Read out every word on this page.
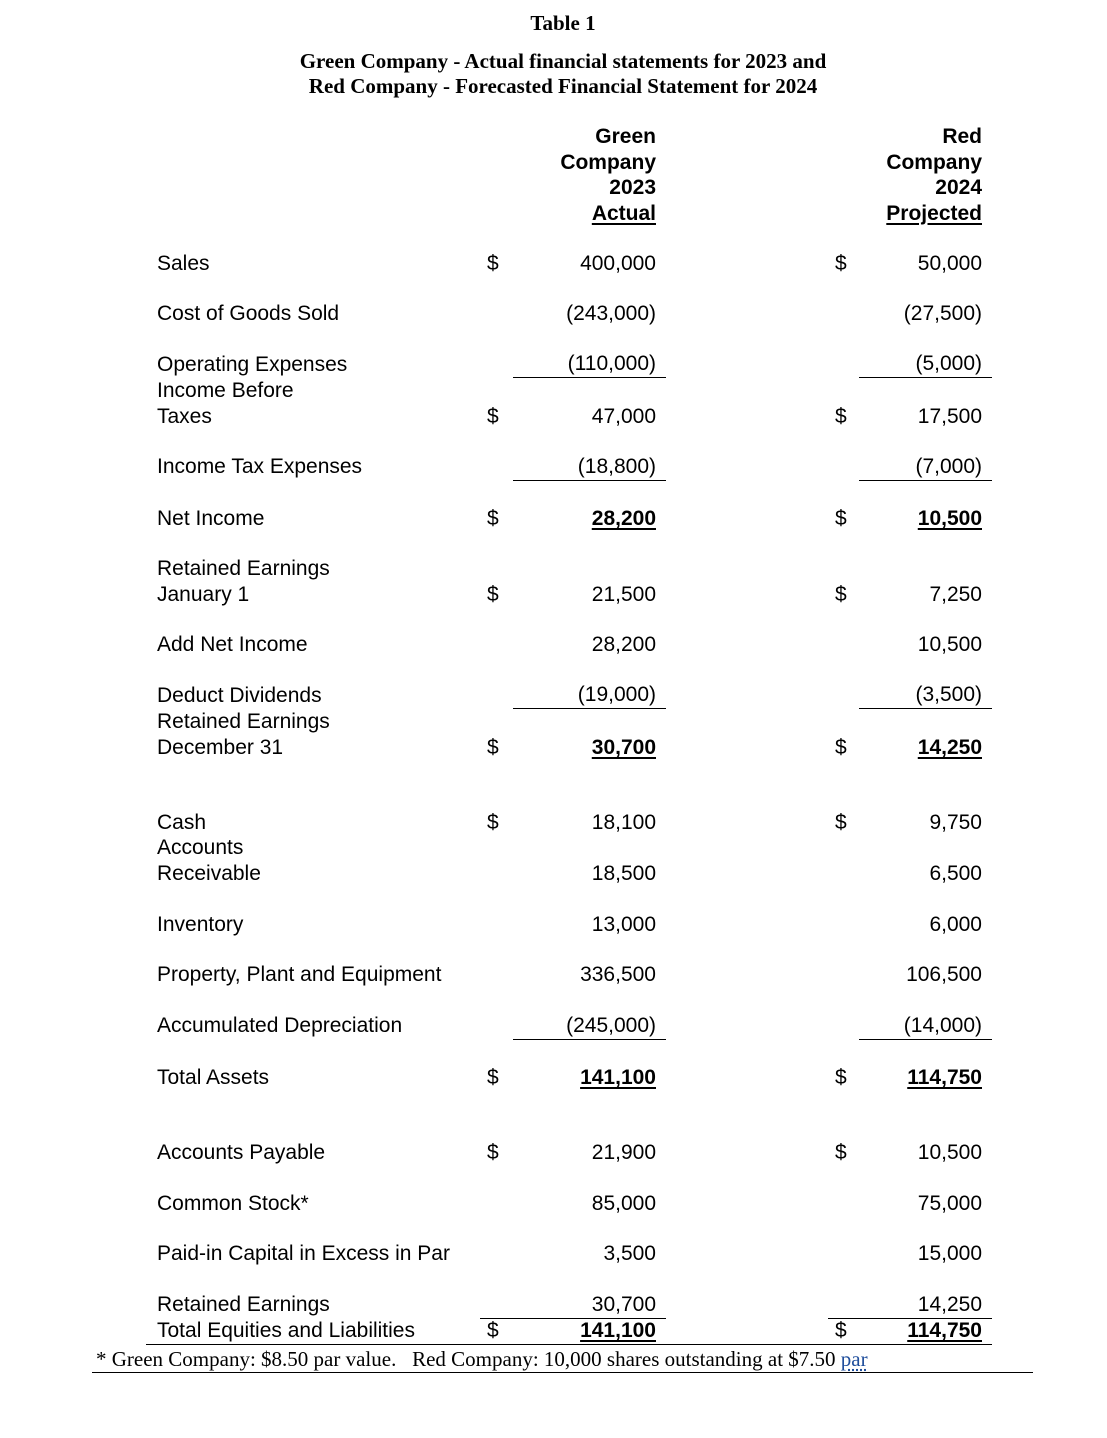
Table 1
Green Company - Actual financial statements for 2023 and
Red Company - Forecasted Financial Statement for 2024
Green
Company
2023
Actual
Red
Company
2024
Projected
Sales	$	400,000	$	50,000
Cost of Goods Sold	(243,000)	(27,500)
Operating Expenses	(110,000)	(5,000)
Income Before
Taxes	$	47,000	$	17,500
Income Tax Expenses	(18,800)	(7,000)
Net Income	$	28,200	$	10,500
Retained Earnings
January 1	$	21,500	$	7,250
Add Net Income	28,200	10,500
Deduct Dividends	(19,000)	(3,500)
Retained Earnings
December 31	$	30,700	$	14,250
Cash	$	18,100	$	9,750
Accounts
Receivable	18,500	6,500
Inventory	13,000	6,000
Property, Plant and Equipment	336,500	106,500
Accumulated Depreciation	(245,000)	(14,000)
Total Assets	$	141,100	$	114,750
Accounts Payable	$	21,900	$	10,500
Common Stock*	85,000	75,000
Paid-in Capital in Excess in Par	3,500	15,000
Retained Earnings	30,700	14,250
Total Equities and Liabilities	$	141,100	$	114,750
* Green Company: $8.50 par value.   Red Company: 10,000 shares outstanding at $7.50 par
